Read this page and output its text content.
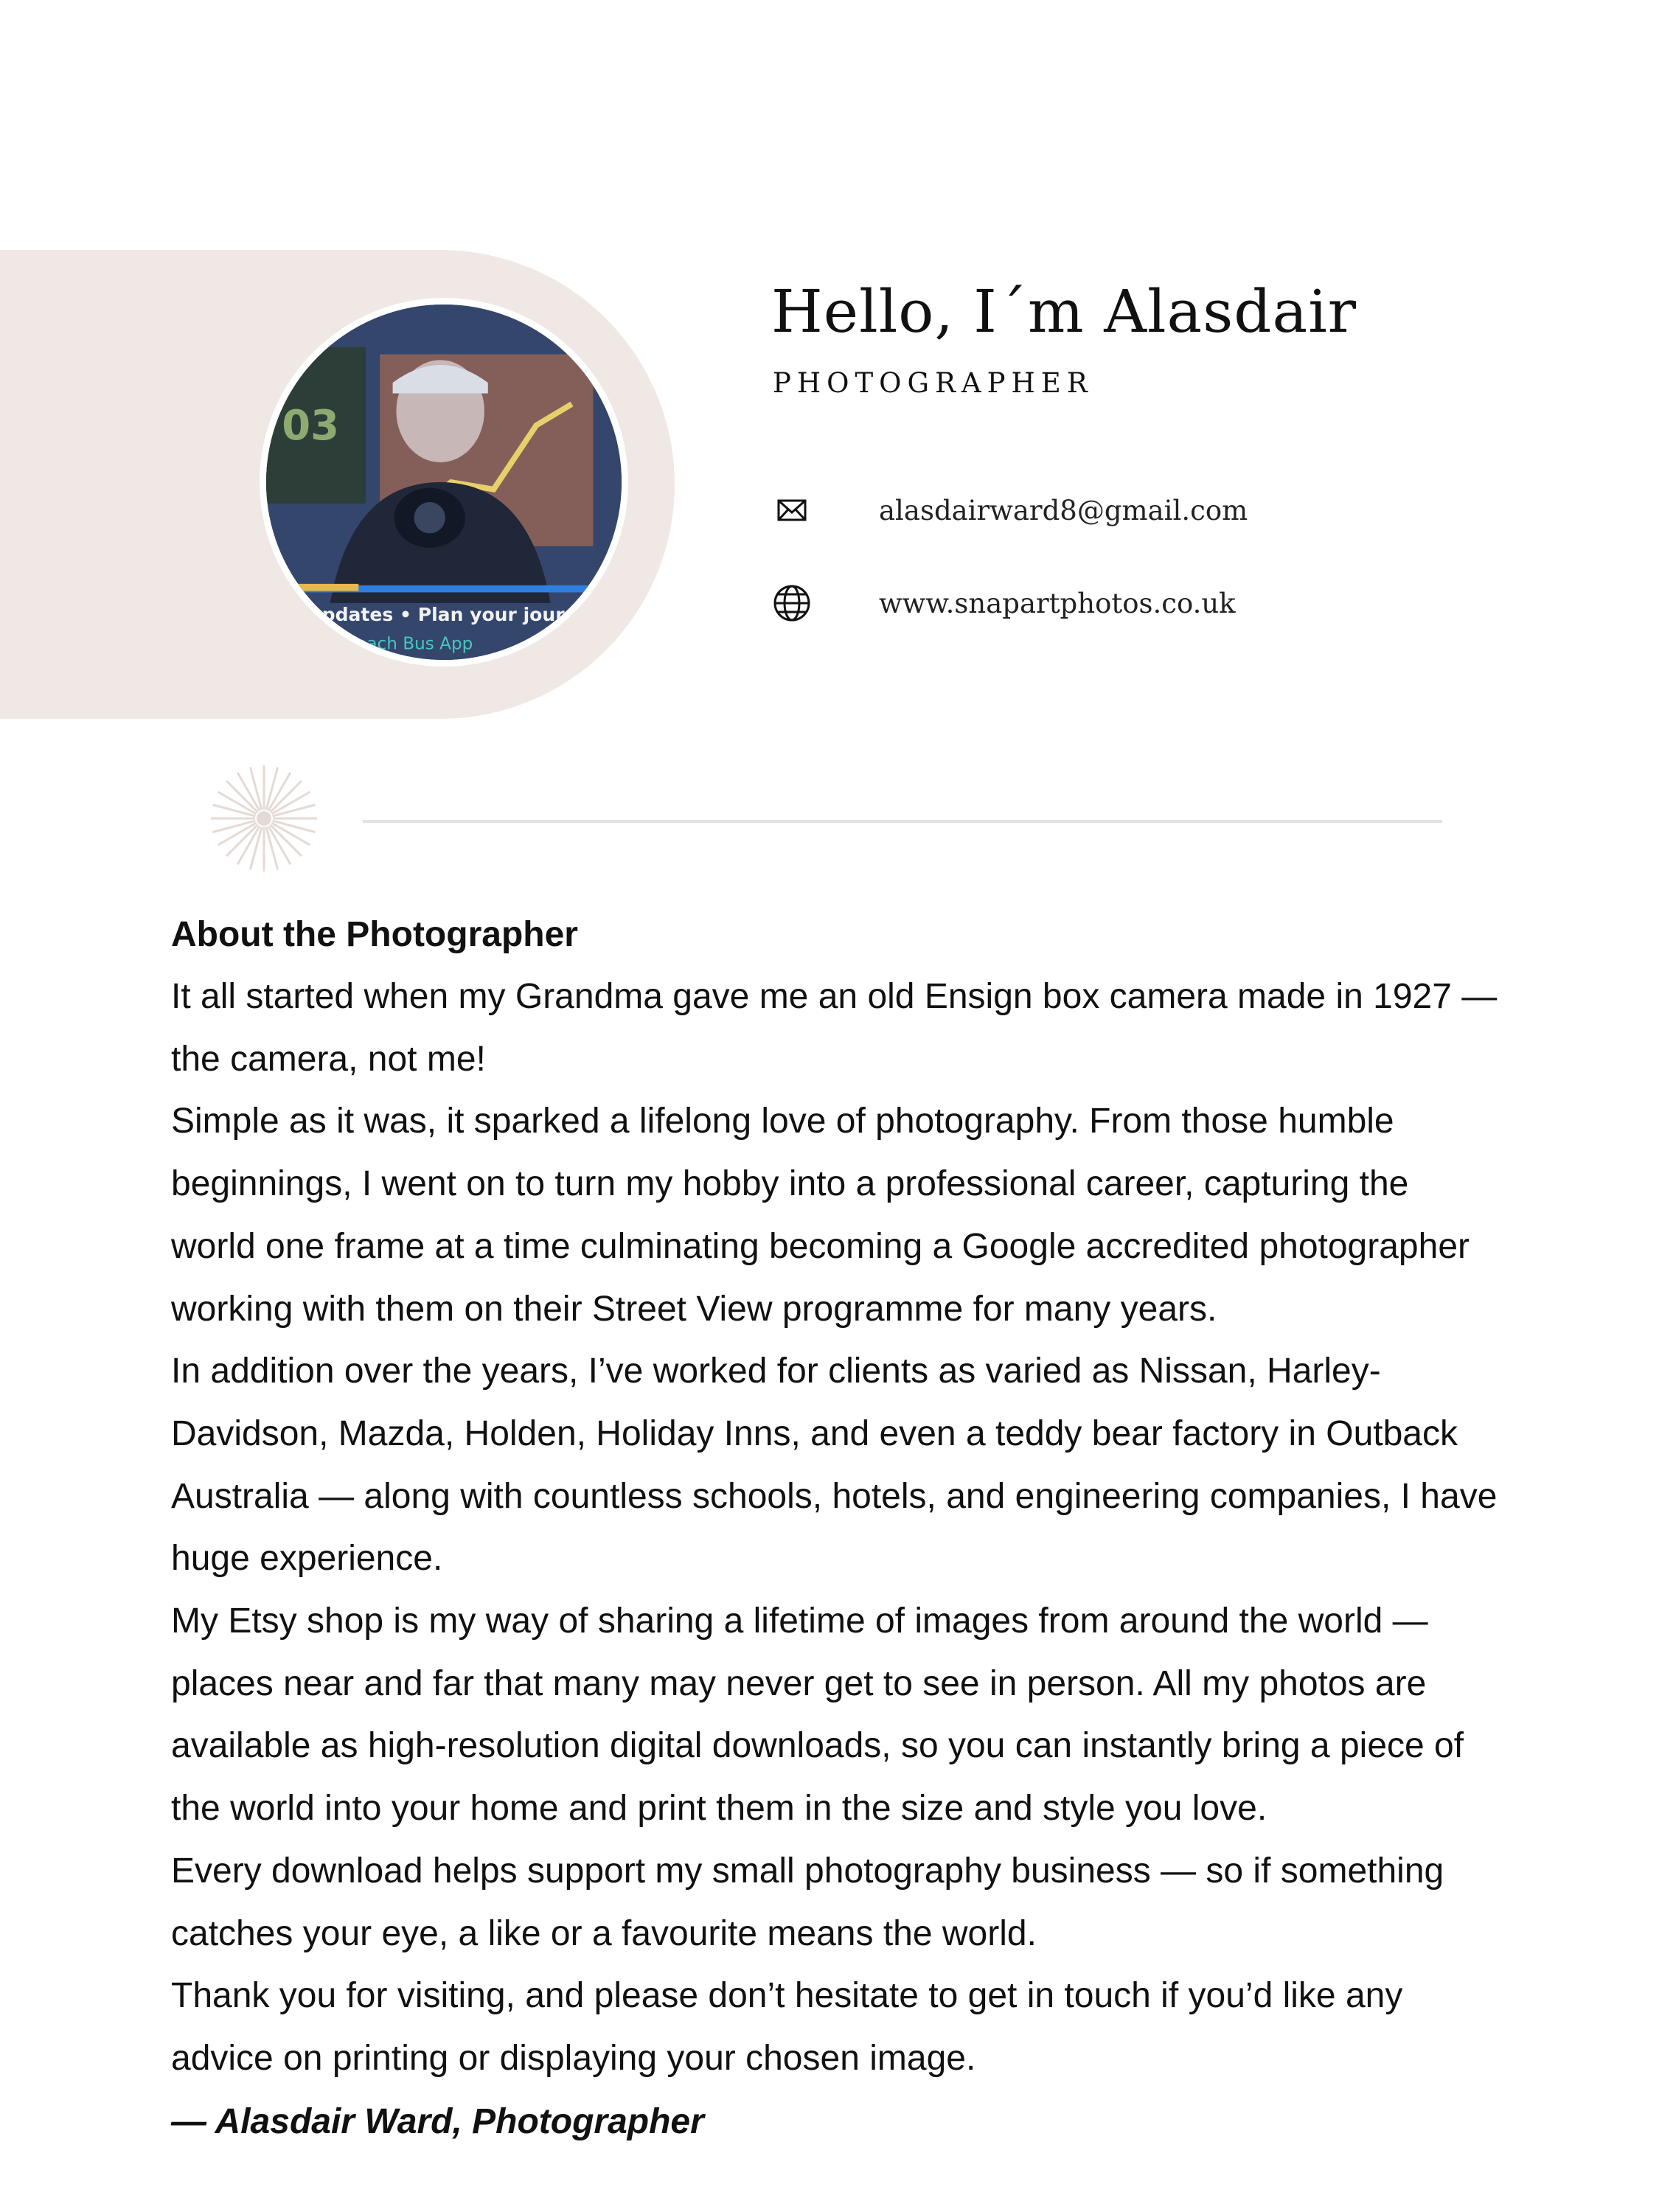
03
updates • Plan your journey
Coach Bus App
Hello, I´m Alasdair
PHOTOGRAPHER
alasdairward8@gmail.com
www.snapartphotos.co.uk
About the Photographer

It all started when my Grandma gave me an old Ensign box camera made in 1927 — the camera, not me!

Simple as it was, it sparked a lifelong love of photography. From those humble beginnings, I went on to turn my hobby into a professional career, capturing the world one frame at a time culminating becoming a Google accredited photographer working with them on their Street View programme for many years.

In addition over the years, I’ve worked for clients as varied as Nissan, Harley-Davidson, Mazda, Holden, Holiday Inns, and even a teddy bear factory in Outback Australia — along with countless schools, hotels, and engineering companies, I have huge experience.

My Etsy shop is my way of sharing a lifetime of images from around the world — places near and far that many may never get to see in person. All my photos are available as high-resolution digital downloads, so you can instantly bring a piece of the world into your home and print them in the size and style you love.

Every download helps support my small photography business — so if something catches your eye, a like or a favourite means the world.

Thank you for visiting, and please don’t hesitate to get in touch if you’d like any advice on printing or displaying your chosen image.

— Alasdair Ward, Photographer
